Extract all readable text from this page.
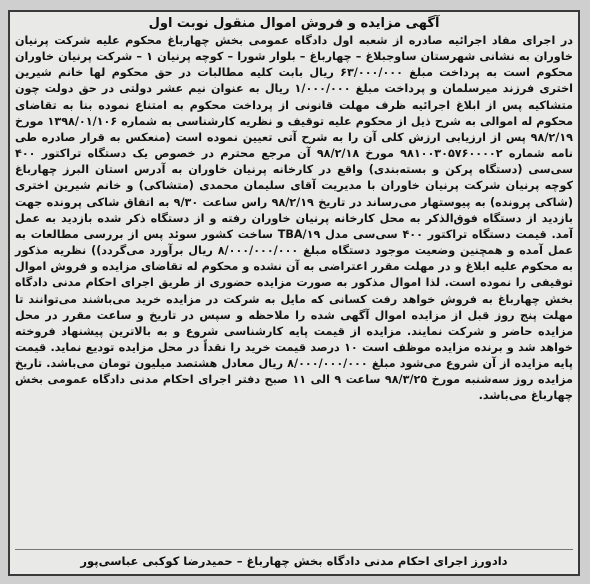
آگهی مزایده و فروش اموال منقول نوبت اول

در اجرای مفاد اجرائیه صادره از شعبه اول دادگاه عمومی بخش چهارباغ محکوم علیه شرکت پرنیان خاوران به نشانی شهرستان ساوجبلاغ – چهارباغ – بلوار شورا – کوچه پرنیان ۱ – شرکت پرنیان خاوران محکوم است به پرداخت مبلغ ۶۳/۰۰۰/۰۰۰ ریال بابت کلیه مطالبات در حق محکوم لها خانم شیرین اختری فرزند میرسلمان و پرداخت مبلغ ۱/۰۰۰/۰۰۰ ریال به عنوان نیم عشر دولتی در حق دولت چون متشاکیه پس از ابلاغ اجرائیه ظرف مهلت قانونی از پرداخت محکوم به امتناع نموده بنا به تقاضای محکوم له اموالی به شرح ذیل از محکوم علیه توقیف و نظریه کارشناسی به شماره ۱۳۹۸/۰۱/۱۰۶ مورخ ۹۸/۲/۱۹ پس از ارزیابی ارزش کلی آن را به شرح آتی تعیین نموده است (منعکس به قرار صادره طی نامه شماره ۹۸۱۰۰۳۰۵۷۶۰۰۰۰۲ مورخ ۹۸/۲/۱۸ آن مرجع محترم در خصوص یک دستگاه تراکتور ۴۰۰ سی‌سی (دستگاه پرکن و بسته‌بندی) واقع در کارخانه پرنیان خاوران به آدرس استان البرز چهارباغ کوچه پرنیان شرکت پرنیان خاوران با مدیریت آقای سلیمان محمدی (متشاکی) و خانم شیرین اختری (شاکی پرونده) به پیوستهار می‌رساند در تاریخ ۹۸/۲/۱۹ راس ساعت ۹/۳۰ به اتفاق شاکی پرونده جهت بازدید از دستگاه فوق‌الذکر به محل کارخانه پرنیان خاوران رفته و از دستگاه ذکر شده بازدید به عمل آمد. قیمت دستگاه تراکتور ۴۰۰ سی‌سی مدل TBA/۱۹ ساخت کشور سوئد پس از بررسی مطالعات به عمل آمده و همچنین وضعیت موجود دستگاه مبلغ ۸/۰۰۰/۰۰۰/۰۰۰ ریال برآورد می‌گردد)) نظریه مذکور به محکوم علیه ابلاغ و در مهلت مقرر اعتراضی به آن نشده و محکوم له تقاضای مزایده و فروش اموال توقیفی را نموده است. لذا اموال مذکور به صورت مزایده حضوری از طریق اجرای احکام مدنی دادگاه بخش چهارباغ به فروش خواهد رفت کسانی که مایل به شرکت در مزایده خرید می‌باشند می‌توانند تا مهلت پنج روز قبل از مزایده اموال آگهی شده را ملاحظه و سپس در تاریخ و ساعت مقرر در محل مزایده حاضر و شرکت نمایند. مزایده از قیمت پایه کارشناسی شروع و به بالاترین پیشنهاد فروخته خواهد شد و برنده مزایده موظف است ۱۰ درصد قیمت خرید را نقداً در محل مزایده تودیع نماید. قیمت پایه مزایده از آن شروع می‌شود مبلغ ۸/۰۰۰/۰۰۰/۰۰۰ ریال معادل هشتصد میلیون تومان می‌باشد. تاریخ مزایده روز سه‌شنبه مورخ ۹۸/۳/۲۵ ساعت ۹ الی ۱۱ صبح دفتر اجرای احکام مدنی دادگاه عمومی بخش چهارباغ می‌باشد.

دادورز اجرای احکام مدنی دادگاه بخش چهارباغ – حمیدرضا کوکبی عباسی‌پور
